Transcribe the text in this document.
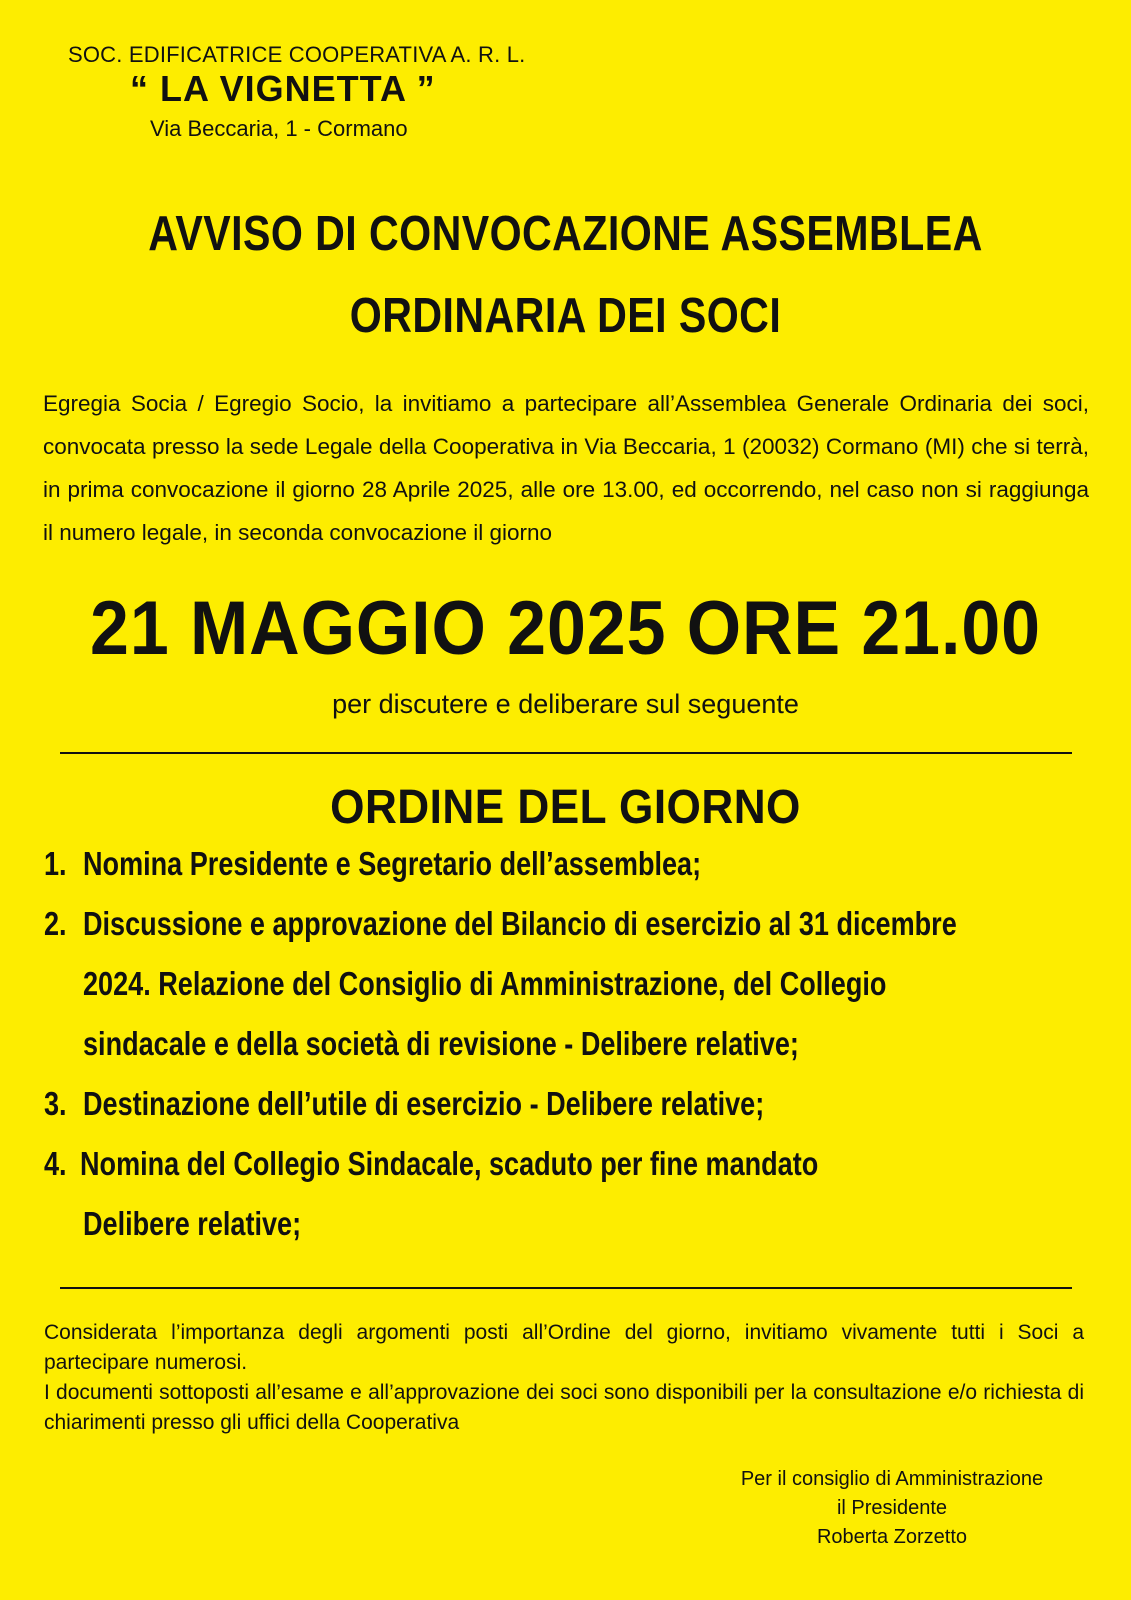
SOC. EDIFICATRICE COOPERATIVA A. R. L.
“ LA VIGNETTA ”
Via Beccaria, 1 - Cormano
AVVISO DI CONVOCAZIONE ASSEMBLEA
ORDINARIA DEI SOCI
Egregia Socia / Egregio Socio, la invitiamo a partecipare all’Assemblea Generale Ordinaria dei soci, convocata presso la sede Legale della Cooperativa in Via Beccaria, 1 (20032) Cormano (MI) che si terrà, in prima convocazione il giorno 28 Aprile 2025, alle ore 13.00, ed occorrendo, nel caso non si raggiunga il numero legale, in seconda convocazione il giorno
21 MAGGIO 2025 ORE 21.00
per discutere e deliberare sul seguente
ORDINE DEL GIORNO
1. Nomina Presidente e Segretario dell’assemblea;
2. Discussione e approvazione del Bilancio di esercizio al 31 dicembre
2024. Relazione del Consiglio di Amministrazione, del Collegio
sindacale e della società di revisione - Delibere relative;
3. Destinazione dell’utile di esercizio - Delibere relative;
4. Nomina del Collegio Sindacale, scaduto per fine mandato
Delibere relative;

Considerata l’importanza degli argomenti posti all’Ordine del giorno, invitiamo vivamente tutti i Soci a partecipare numerosi.

I documenti sottoposti all’esame e all’approvazione dei soci sono disponibili per la consultazione e/o richiesta di chiarimenti presso gli uffici della Cooperativa

Per il consiglio di Amministrazione
il Presidente
Roberta Zorzetto
